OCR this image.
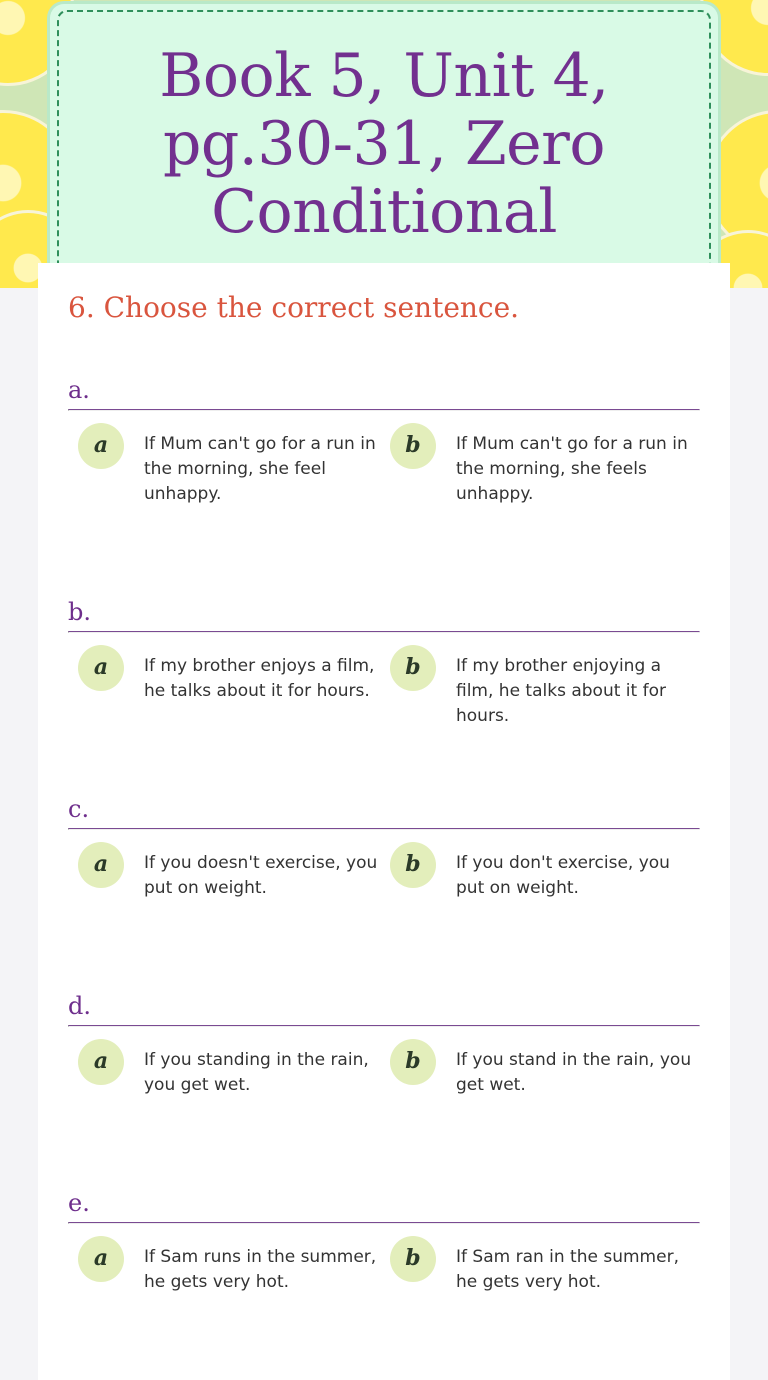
Book 5, Unit 4, pg.30-31, Zero Conditional
6. Choose the correct sentence.
a.
a	If Mum can't go for a run in the morning, she feel unhappy.
b	If Mum can't go for a run in the morning, she feels unhappy.
b.
a	If my brother enjoys a film, he talks about it for hours.
b	If my brother enjoying a film, he talks about it for hours.
c.
a	If you doesn't exercise, you put on weight.
b	If you don't exercise, you put on weight.
d.
a	If you standing in the rain, you get wet.
b	If you stand in the rain, you get wet.
e.
a	If Sam runs in the summer, he gets very hot.
b	If Sam ran in the summer, he gets very hot.
